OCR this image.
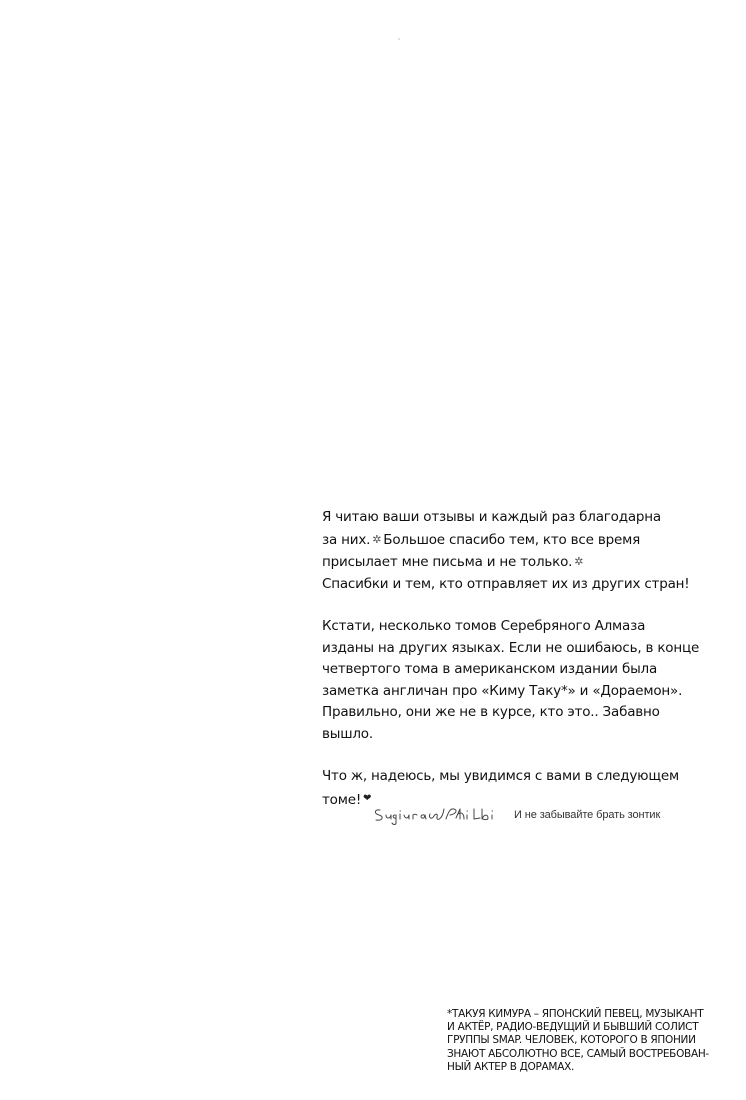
Я читаю ваши отзывы и каждый раз благодарна
за них. ✲ Большое спасибо тем, кто все время
присылает мне письма и не только. ✲
Спасибки и тем, кто отправляет их из других стран!

Кстати, несколько томов Серебряного Алмаза
изданы на других языках. Если не ошибаюсь, в конце
четвертого тома в американском издании была
заметка англичан про «Киму Таку*» и «Дораемон».
Правильно, они же не в курсе, кто это.. Забавно
вышло.

Что ж, надеюсь, мы увидимся с вами в следующем
томе! ❤

И не забывайте брать зонтик
*ТАКУЯ КИМУРА – ЯПОНСКИЙ ПЕВЕЦ, МУЗЫКАНТ
И АКТЁР, РАДИО-ВЕДУЩИЙ И БЫВШИЙ СОЛИСТ
ГРУППЫ SMAP. ЧЕЛОВЕК, КОТОРОГО В ЯПОНИИ
ЗНАЮТ АБСОЛЮТНО ВСЕ, САМЫЙ ВОСТРЕБОВАН-
НЫЙ АКТЕР В ДОРАМАХ.
